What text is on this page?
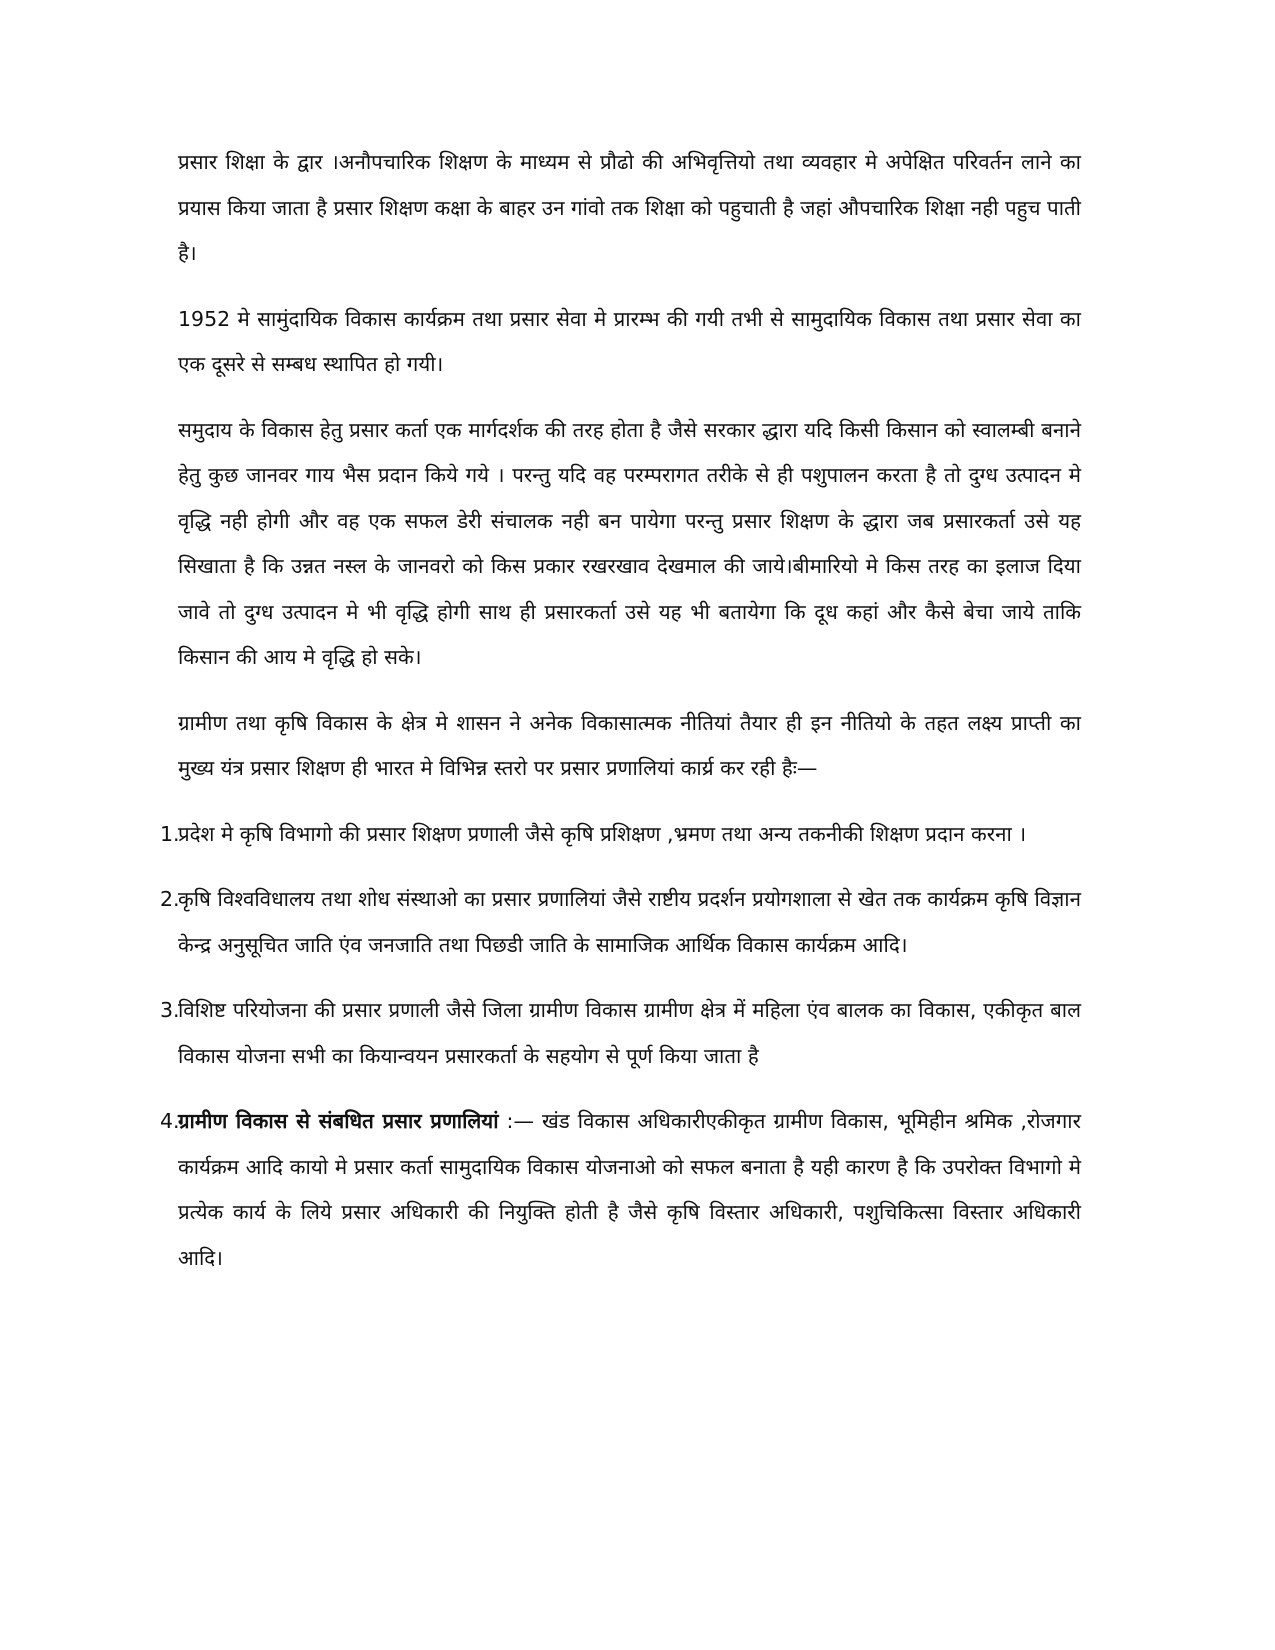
प्रसार शिक्षा के द्वार ।अनौपचारिक शिक्षण के माध्यम से प्रौढो की अभिवृत्तियो तथा व्यवहार मे अपेक्षित परिवर्तन लाने का प्रयास किया जाता है प्रसार शिक्षण कक्षा के बाहर उन गांवो तक शिक्षा को पहुचाती है जहां औपचारिक शिक्षा नही पहुच पाती है।

1952 मे सामुंदायिक विकास कार्यक्रम तथा प्रसार सेवा मे प्रारम्भ की गयी तभी से सामुदायिक विकास तथा प्रसार सेवा का एक दूसरे से सम्बध स्थापित हो गयी।

समुदाय के विकास हेतु प्रसार कर्ता एक मार्गदर्शक की तरह होता है जैसे सरकार द्धारा यदि किसी किसान को स्वालम्बी बनाने हेतु कुछ जानवर गाय भैस प्रदान किये गये । परन्तु यदि वह परम्परागत तरीके से ही पशुपालन करता है तो दुग्ध उत्पादन मे वृद्धि नही होगी और वह एक सफल डेरी संचालक नही बन पायेगा परन्तु प्रसार शिक्षण के द्धारा जब प्रसारकर्ता उसे यह सिखाता है कि उन्नत नस्ल के जानवरो को किस प्रकार रखरखाव देखमाल की जाये।बीमारियो मे किस तरह का इलाज दिया जावे तो दुग्ध उत्पादन मे भी वृद्धि होगी साथ ही प्रसारकर्ता उसे यह भी बतायेगा कि दूध कहां और कैसे बेचा जाये ताकि किसान की आय मे वृद्धि हो सके।

ग्रामीण तथा कृषि विकास के क्षेत्र मे शासन ने अनेक विकासात्मक नीतियां तैयार ही इन नीतियो के तहत लक्ष्य प्राप्ती का मुख्य यंत्र प्रसार शिक्षण ही भारत मे विभिन्न स्तरो पर प्रसार प्रणालियां कार्य्र कर रही हैः—

1.
प्रदेश मे कृषि विभागो की प्रसार शिक्षण प्रणाली जैसे कृषि प्रशिक्षण ,भ्रमण तथा अन्य तकनीकी शिक्षण प्रदान करना ।
2.
कृषि विश्वविधालय तथा शोध संस्थाओ का प्रसार प्रणालियां जैसे राष्टीय प्रदर्शन प्रयोगशाला से खेत तक कार्यक्रम कृषि विज्ञान केन्द्र अनुसूचित जाति एंव जनजाति तथा पिछडी जाति के सामाजिक आर्थिक विकास कार्यक्रम आदि।
3.
विशिष्ट परियोजना की प्रसार प्रणाली जैसे जिला ग्रामीण विकास ग्रामीण क्षेत्र में महिला एंव बालक का विकास, एकीकृत बाल विकास योजना सभी का कियान्वयन प्रसारकर्ता के सहयोग से पूर्ण किया जाता है
4.
ग्रामीण विकास से संबधित प्रसार प्रणालियां :— खंड विकास अधिकारीएकीकृत ग्रामीण विकास, भूमिहीन श्रमिक ,रोजगार कार्यक्रम आदि कायो मे प्रसार कर्ता सामुदायिक विकास योजनाओ को सफल बनाता है यही कारण है कि उपरोक्त विभागो मे प्रत्येक कार्य के लिये प्रसार अधिकारी की नियुक्ति होती है जैसे कृषि विस्तार अधिकारी, पशुचिकित्सा विस्तार अधिकारी आदि।
